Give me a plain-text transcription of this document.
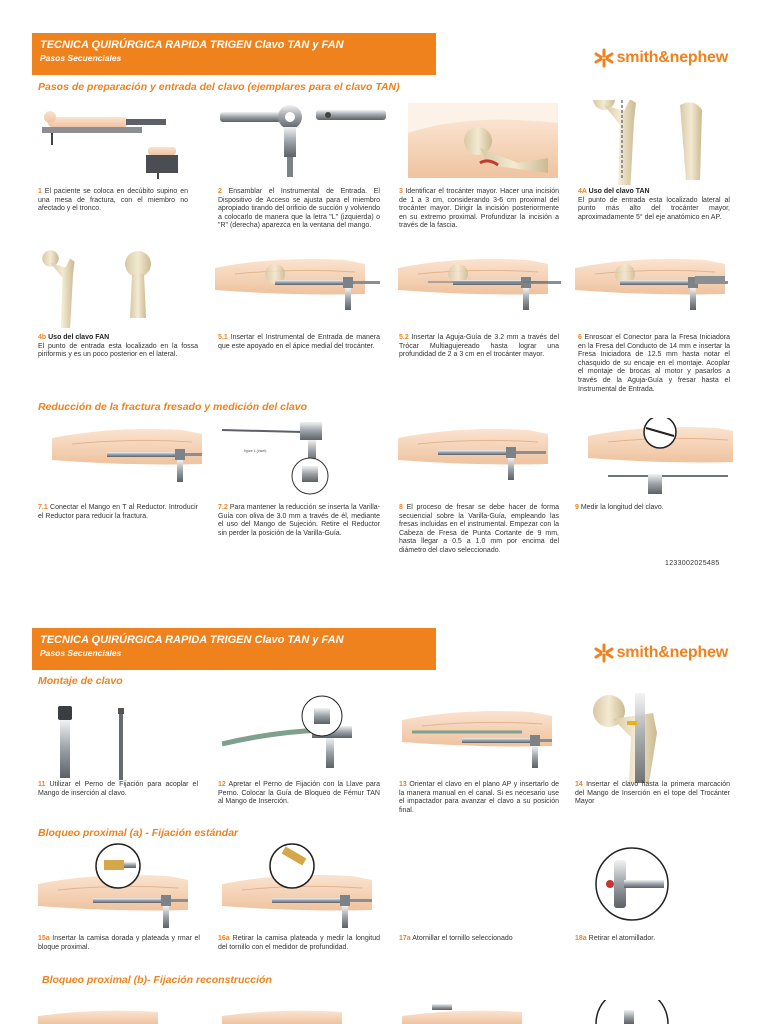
TECNICA QUIRÚRGICA RAPIDA TRIGEN Clavo TAN y FAN
Pasos Secuenciales	smith&nephew
Pasos de preparación y entrada del clavo (ejemplares para el clavo TAN)
1 El paciente se coloca en decúbito supino en una mesa de fractura, con el miembro no afectado y el tronco.
2 Ensamblar el Instrumental de Entrada. El Dispositivo de Acceso se ajusta para el miembro apropiado tirando del orificio de succión y volviendo a colocarlo de manera que la letra "L" (izquierda) o "R" (derecha) aparezca en la ventana del mango.
3 Identificar el trocánter mayor. Hacer una incisión de 1 a 3 cm, considerando 3-6 cm proximal del trocánter mayor. Dirigir la incisión posteriormente en su extremo proximal. Profundizar la incisión a través de la fascia.
4A Uso del clavo TAN
El punto de entrada esta localizado lateral al punto más alto del trocánter mayor, aproximadamente 5° del eje anatómico en AP.
4b Uso del clavo FAN
El punto de entrada esta localizado en la fossa piriformis y es un poco posterior en el lateral.
5.1 Insertar el Instrumental de Entrada de manera que este apoyado en el ápice medial del trocánter.
5.2 Insertar la Aguja-Guía de 3.2 mm a través del Trócar Multiagujereado hasta lograr una profundidad de 2 a 3 cm en el trocánter mayor.
6 Enroscar el Conector para la Fresa Iniciadora en la Fresa del Conducto de 14 mm e insertar la Fresa Iniciadora de 12.5 mm hasta notar el chasquido de su encaje en el montaje. Acoplar el montaje de brocas al motor y pasarlos a través de la Aguja-Guía y fresar hasta el Instrumental de Entrada.
Reducción de la fractura fresado y medición del clavo
figure 1 (inset)
7.1 Conectar el Mango en T al Reductor. Introducir el Reductor para reducir la fractura.
7.2 Para mantener la reducción se inserta la Varilla-Guía con oliva de 3.0 mm a través de él, mediante el uso del Mango de Sujeción. Retire el Reductor sin perder la posición de la Varilla-Guía.
8 El proceso de fresar se debe hacer de forma secuencial sobre la Varilla-Guía, empleando las fresas incluidas en el instrumental. Empezar con la Cabeza de Fresa de Punta Cortante de 9 mm, hasta llegar a 0.5 a 1.0 mm por encima del diámetro del clavo seleccionado.
9 Medir la longitud del clavo.
1233002025485
TECNICA QUIRÚRGICA RAPIDA TRIGEN Clavo TAN y FAN
Pasos Secuenciales	smith&nephew
Montaje de clavo
11 Utilizar el Perno de Fijación para acoplar el Mango de inserción al clavo.
12 Apretar el Perno de Fijación con la Llave para Perno. Colocar la Guía de Bloqueo de Fémur TAN al Mango de Inserción.
13 Orientar el clavo en el plano AP y insertarlo de la manera manual en el canal. Si es necesario use el impactador para avanzar el clavo a su posición final.
14 Insertar el clavo hasta la primera marcación del Mango de Inserción en el tope del Trocánter Mayor
Bloqueo proximal (a) - Fijación estándar
15a Insertar la camisa dorada y plateada y rmar el bloque proximal.
16a Retirar la camisa plateada y medir la longitud del tornillo con el medidor de profundidad.
17a Atornillar el tornillo seleccionado	18a Retirar el atornillador.
Bloqueo proximal (b)- Fijación reconstrucción
